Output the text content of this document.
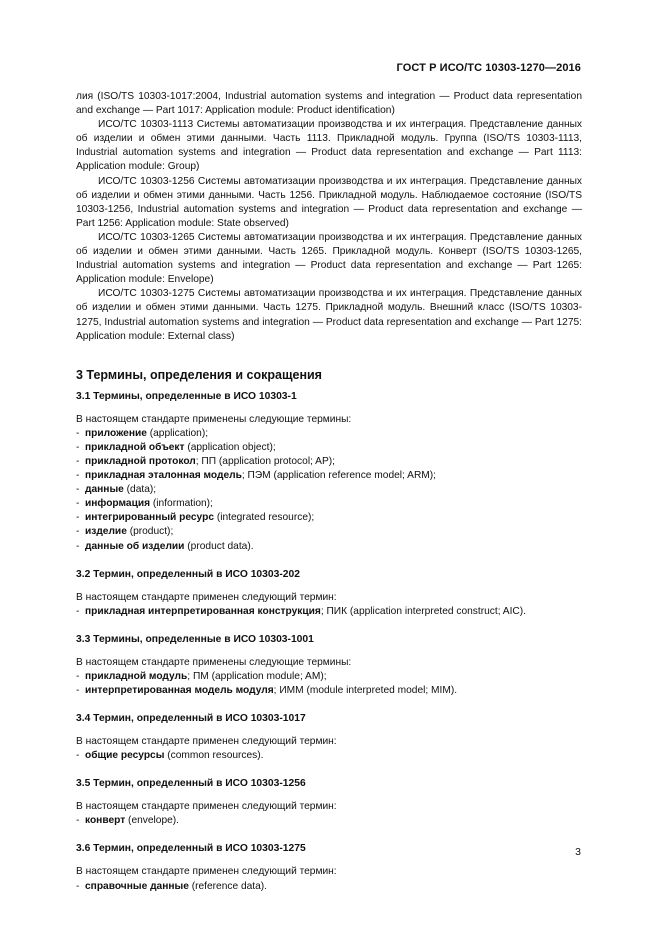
ГОСТ Р ИСО/ТС 10303-1270—2016

лия (ISO/TS 10303-1017:2004, Industrial automation systems and integration — Product data representation and exchange — Part 1017: Application module: Product identification)

ИСО/ТС 10303-1113 Системы автоматизации производства и их интеграция. Представление данных об изделии и обмен этими данными. Часть 1113. Прикладной модуль. Группа (ISO/TS 10303-1113, Industrial automation systems and integration — Product data representation and exchange — Part 1113: Application module: Group)

ИСО/ТС 10303-1256 Системы автоматизации производства и их интеграция. Представление данных об изделии и обмен этими данными. Часть 1256. Прикладной модуль. Наблюдаемое состояние (ISO/TS 10303-1256, Industrial automation systems and integration — Product data representation and exchange — Part 1256: Application module: State observed)

ИСО/ТС 10303-1265 Системы автоматизации производства и их интеграция. Представление данных об изделии и обмен этими данными. Часть 1265. Прикладной модуль. Конверт (ISO/TS 10303-1265, Industrial automation systems and integration — Product data representation and exchange — Part 1265: Application module: Envelope)

ИСО/ТС 10303-1275 Системы автоматизации производства и их интеграция. Представление данных об изделии и обмен этими данными. Часть 1275. Прикладной модуль. Внешний класс (ISO/TS 10303-1275, Industrial automation systems and integration — Product data representation and exchange — Part 1275: Application module: External class)

3 Термины, определения и сокращения
3.1 Термины, определенные в ИСО 10303-1

В настоящем стандарте применены следующие термины:

- приложение (application);
- прикладной объект (application object);
- прикладной протокол; ПП (application protocol; AP);
- прикладная эталонная модель; ПЭМ (application reference model; ARM);
- данные (data);
- информация (information);
- интегрированный ресурс (integrated resource);
- изделие (product);
- данные об изделии (product data).
3.2 Термин, определенный в ИСО 10303-202

В настоящем стандарте применен следующий термин:

- прикладная интерпретированная конструкция; ПИК (application interpreted construct; AIC).
3.3 Термины, определенные в ИСО 10303-1001

В настоящем стандарте применены следующие термины:

- прикладной модуль; ПМ (application module; AM);
- интерпретированная модель модуля; ИММ (module interpreted model; MIM).
3.4 Термин, определенный в ИСО 10303-1017

В настоящем стандарте применен следующий термин:

- общие ресурсы (common resources).
3.5 Термин, определенный в ИСО 10303-1256

В настоящем стандарте применен следующий термин:

- конверт (envelope).
3.6 Термин, определенный в ИСО 10303-1275

В настоящем стандарте применен следующий термин:

- справочные данные (reference data).
3
